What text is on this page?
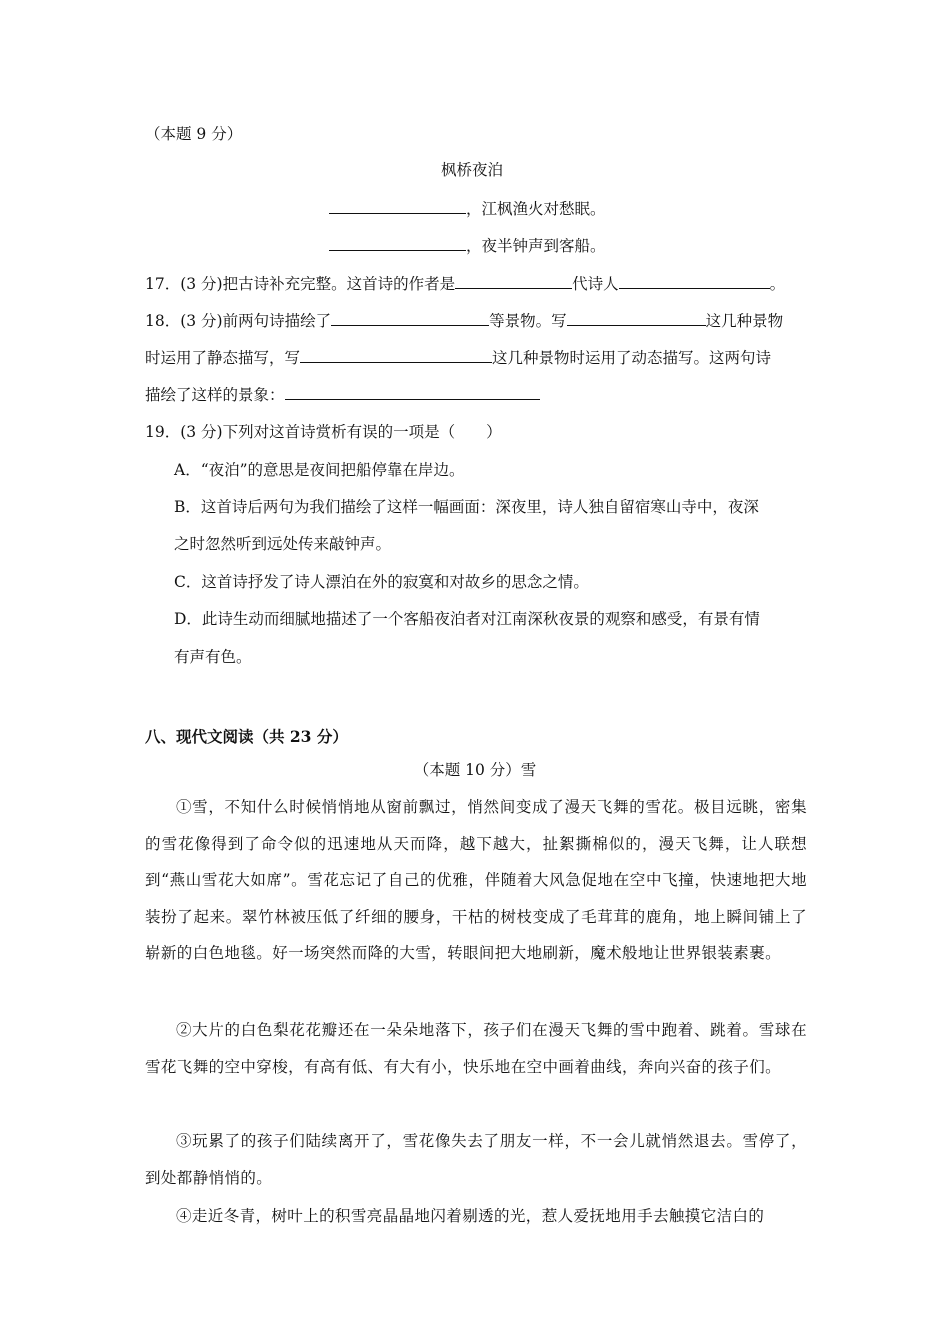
（本题 9 分）
枫桥夜泊
，江枫渔火对愁眠。
，夜半钟声到客船。
17．(3 分)把古诗补充完整。这首诗的作者是	代诗人	。
18．(3 分)前两句诗描绘了	等景物。写	这几种景物
时运用了静态描写，写	这几种景物时运用了动态描写。这两句诗
描绘了这样的景象：
19．(3 分)下列对这首诗赏析有误的一项是（　　）
A．“夜泊”的意思是夜间把船停靠在岸边。
B．这首诗后两句为我们描绘了这样一幅画面：深夜里，诗人独自留宿寒山寺中，夜深
之时忽然听到远处传来敲钟声。
C．这首诗抒发了诗人漂泊在外的寂寞和对故乡的思念之情。
D．此诗生动而细腻地描述了一个客船夜泊者对江南深秋夜景的观察和感受，有景有情
有声有色。
八、现代文阅读（共 23 分）
（本题 10 分）雪
①雪，不知什么时候悄悄地从窗前飘过，悄然间变成了漫天飞舞的雪花。极目远眺，密集的雪花像得到了命令似的迅速地从天而降，越下越大，扯絮撕棉似的，漫天飞舞，让人联想到“燕山雪花大如席”。雪花忘记了自己的优雅，伴随着大风急促地在空中飞撞，快速地把大地装扮了起来。翠竹林被压低了纤细的腰身，干枯的树枝变成了毛茸茸的鹿角，地上瞬间铺上了崭新的白色地毯。好一场突然而降的大雪，转眼间把大地刷新，魔术般地让世界银装素裹。
②大片的白色梨花花瓣还在一朵朵地落下，孩子们在漫天飞舞的雪中跑着、跳着。雪球在雪花飞舞的空中穿梭，有高有低、有大有小，快乐地在空中画着曲线，奔向兴奋的孩子们。
③玩累了的孩子们陆续离开了，雪花像失去了朋友一样，不一会儿就悄然退去。雪停了，到处都静悄悄的。
④走近冬青，树叶上的积雪亮晶晶地闪着剔透的光，惹人爱抚地用手去触摸它洁白的
